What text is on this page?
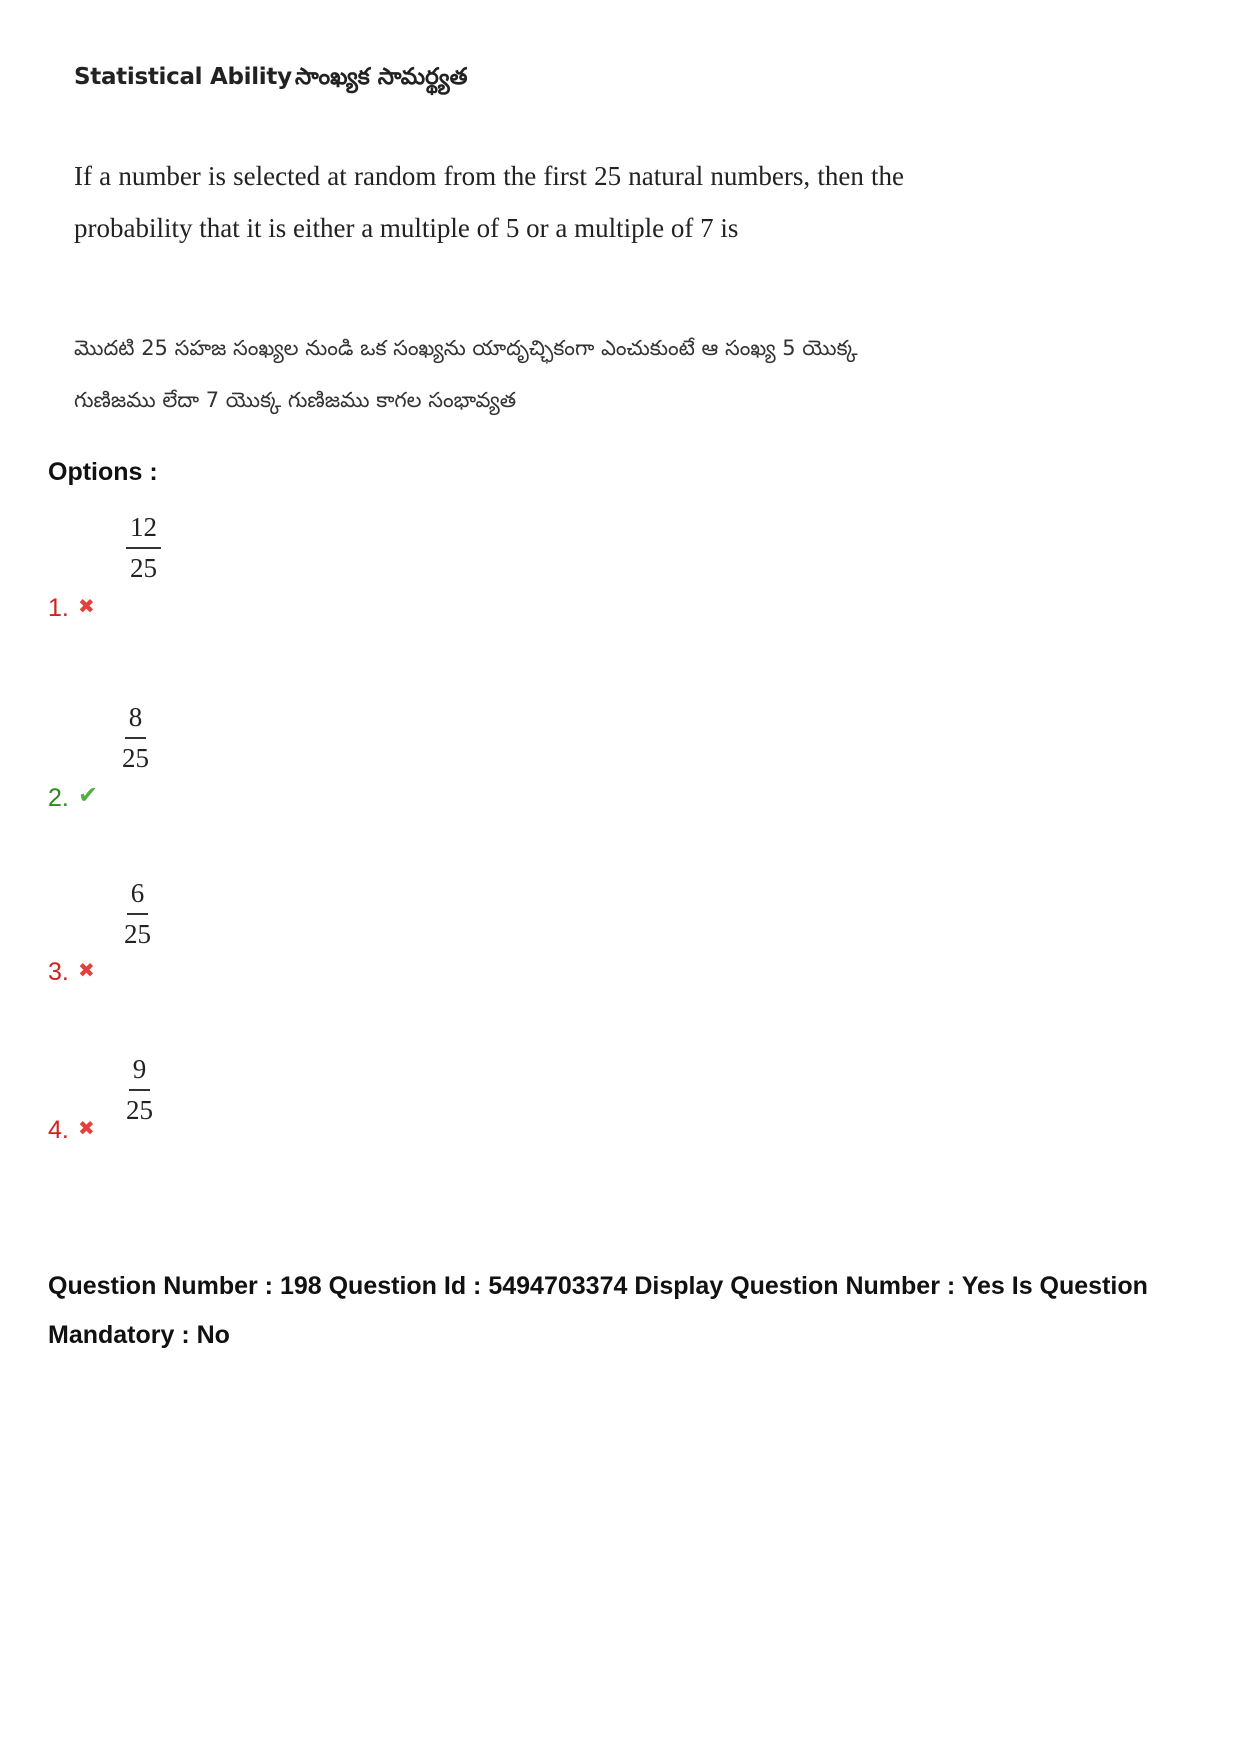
Statistical Ability సాంఖ్యక సామర్థ్యత
If a number is selected at random from the first 25 natural numbers, then the probability that it is either a multiple of 5 or a multiple of 7 is
మొదటి 25 సహజ సంఖ్యల నుండి ఒక సంఖ్యను యాదృచ్ఛికంగా ఎంచుకుంటే ఆ సంఖ్య 5 యొక్క గుణిజము లేదా 7 యొక్క గుణిజము కాగల సంభావ్యత
Options :
$\frac{12}{25}$
1. ✖
$\frac{8}{25}$
2. ✔
$\frac{6}{25}$
3. ✖
$\frac{9}{25}$
4. ✖
Question Number : 198 Question Id : 5494703374 Display Question Number : Yes Is Question Mandatory : No
